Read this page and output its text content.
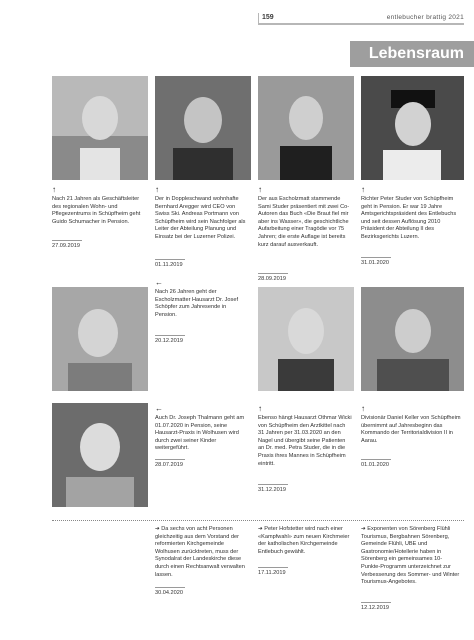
159	entlebucher brattig 2021
Lebensraum
↑
Nach 21 Jahren als Geschäftsleiter des regionalen Wohn- und Pflegezentrums in Schüpfheim geht Guido Schumacher in Pension.
27.09.2019
↑
Der in Doppleschwand wohnhafte Bernhard Aregger wird CEO von Swiss Ski. Andreas Portmann von Schüpfheim wird sein Nachfolger als Leiter der Abteilung Planung und Einsatz bei der Luzerner Polizei.
01.11.2019
↑
Der aus Escholzmatt stammende Sami Studer präsentiert mit zwei Co-Autoren das Buch «Die Braut fiel mir aber ins Wasser», die geschichtliche Aufarbeitung einer Tragödie vor 75 Jahren; die erste Auflage ist bereits kurz darauf ausverkauft.
28.09.2019
↑
Richter Peter Studer von Schüpfheim geht in Pension. Er war 19 Jahre Amtsgerichtspräsident des Entlebuchs und seit dessen Auflösung 2010 Präsident der Abteilung II des Bezirksgerichts Luzern.
31.01.2020
←
Nach 26 Jahren geht der Escholzmatter Hausarzt Dr. Josef Schöpfer zum Jahresende in Pension.
20.12.2019
←
Auch Dr. Joseph Thalmann geht am 01.07.2020 in Pension, seine Hausarzt-Praxis in Wolhusen wird durch zwei seiner Kinder weitergeführt.
28.07.2019
↑
Ebenso hängt Hausarzt Othmar Wicki von Schüpfheim den Arztkittel nach 31 Jahren per 31.03.2020 an den Nagel und übergibt seine Patienten an Dr. med. Petra Studer, die in die Praxis ihres Mannes in Schüpfheim eintritt.
31.12.2019
↑
Divisionär Daniel Keller von Schüpfheim übernimmt auf Jahresbeginn das Kommando der Territorialdivision II in Aarau.
01.01.2020
➔ Da sechs von acht Personen gleichzeitig aus dem Vorstand der reformierten Kirchgemeinde Wolhusen zurücktreten, muss der Synodalrat der Landeskirche diese durch einen Rechtsanwalt verwalten lassen.
30.04.2020
➔ Peter Hofstetter wird nach einer «Kampfwahl» zum neuen Kirchmeier der katholischen Kirchgemeinde Entlebuch gewählt.
17.11.2019
➔ Exponenten von Sörenberg Flühli Tourismus, Bergbahnen Sörenberg, Gemeinde Flühli, UBE und Gastronomie/Hotellerie haben in Sörenberg ein gemeinsames 10-Punkte-Programm unterzeichnet zur Verbesserung des Sommer- und Winter Tourismus-Angebotes.
12.12.2019
